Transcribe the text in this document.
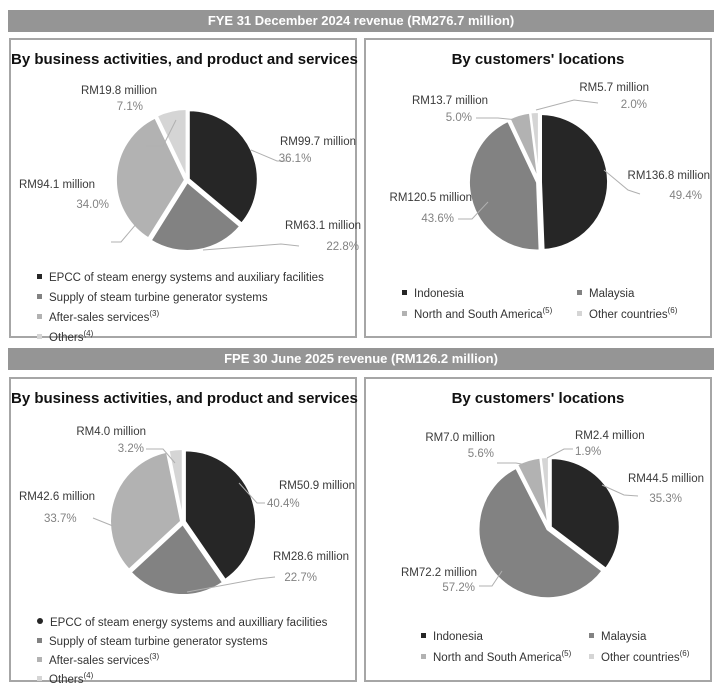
FYE 31 December 2024 revenue (RM276.7 million)
By business activities, and product and services
RM19.8 million
7.1%
RM99.7 million
36.1%
RM94.1 million
34.0%
RM63.1 million
22.8%
EPCC of steam energy systems and auxiliary facilities
Supply of steam turbine generator systems
After-sales services$^{(3)}$
Others$^{(4)}$
By customers' locations
RM5.7 million
2.0%
RM13.7 million
5.0%
RM136.8 million
49.4%
RM120.5 million
43.6%
Indonesia	Malaysia
North and South America$^{(5)}$	Other countries$^{(6)}$
FPE 30 June 2025 revenue (RM126.2 million)
By business activities, and product and services
RM4.0 million
3.2%
RM50.9 million
40.4%
RM42.6 million
33.7%
RM28.6 million
22.7%
EPCC of steam energy systems and auxilliary facilities
Supply of steam turbine generator systems
After-sales services$^{(3)}$
Others$^{(4)}$
By customers' locations
RM7.0 million
5.6%
RM2.4 million
1.9%
RM44.5 million
35.3%
RM72.2 million
57.2%
Indonesia	Malaysia
North and South America$^{(5)}$	Other countries$^{(6)}$
